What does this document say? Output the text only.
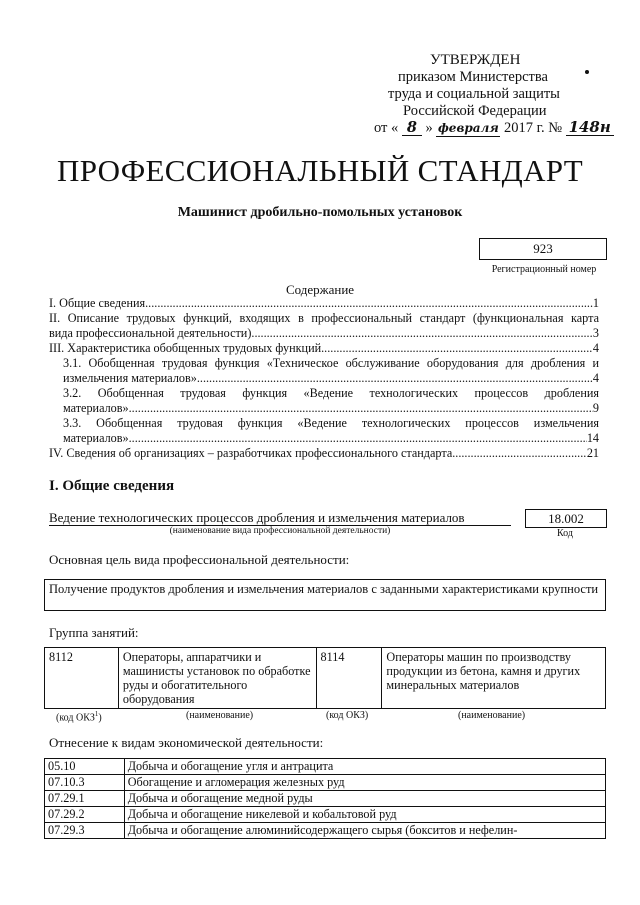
УТВЕРЖДЕН
приказом Министерства
труда и социальной защиты
Российской Федерации
от « 8 » февраля 2017 г. № 148н
ПРОФЕССИОНАЛЬНЫЙ СТАНДАРТ
Машинист дробильно-помольных установок
923
Регистрационный номер
Содержание
I. Общие сведения .....	1
II. Описание трудовых функций, входящих в профессиональный стандарт (функциональная карта
вида профессиональной деятельности) .....	3
III. Характеристика обобщенных трудовых функций .....	4
3.1. Обобщенная трудовая функция «Техническое обслуживание оборудования для дробления и
измельчения материалов» .....	4
3.2. Обобщенная трудовая функция «Ведение технологических процессов дробления
материалов» .....	9
3.3. Обобщенная трудовая функция «Ведение технологических процессов измельчения
материалов» .....	14
IV. Сведения об организациях – разработчиках профессионального стандарта .....	21
I. Общие сведения
Ведение технологических процессов дробления и измельчения материалов
(наименование вида профессиональной деятельности)
18.002
Код
Основная цель вида профессиональной деятельности:
Получение продуктов дробления и измельчения материалов с заданными характеристиками крупности
Группа занятий:
8112	Операторы, аппаратчики и машинисты установок по обработке руды и обогатительного оборудования	8114	Операторы машин по производству продукции из бетона, камня и других минеральных материалов
(код ОКЗ$^1$)	(наименование)	(код ОКЗ)	(наименование)
Отнесение к видам экономической деятельности:
05.10	Добыча и обогащение угля и антрацита
07.10.3	Обогащение и агломерация железных руд
07.29.1	Добыча и обогащение медной руды
07.29.2	Добыча и обогащение никелевой и кобальтовой руд
07.29.3	Добыча и обогащение алюминийсодержащего сырья (бокситов и нефелин-
